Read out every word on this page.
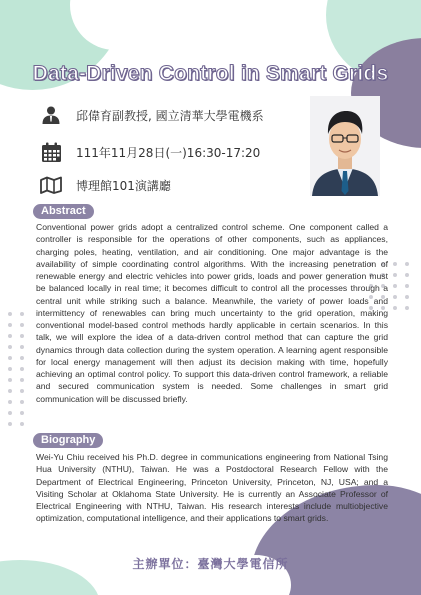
Data-Driven Control in Smart Grids
邱偉育副教授, 國立清華大學電機系
111年11月28日(一)16:30-17:20
博理館101演講廳
Abstract

Conventional power grids adopt a centralized control scheme. One component called a controller is responsible for the operations of other components, such as appliances, charging poles, heating, ventilation, and air conditioning. One major advantage is the availability of simple coordinating control algorithms. With the increasing penetration of renewable energy and electric vehicles into power grids, loads and power generation must be balanced locally in real time; it becomes difficult to control all the processes through a central unit while striking such a balance. Meanwhile, the variety of power loads and intermittency of renewables can bring much uncertainty to the grid operation, making conventional model-based control methods hardly applicable in certain scenarios. In this talk, we will explore the idea of a data-driven control method that can capture the grid dynamics through data collection during the system operation. A learning agent responsible for local energy management will then adjust its decision making with time, hopefully achieving an optimal control policy. To support this data-driven control framework, a reliable and secured communication system is needed. Some challenges in smart grid communication will be discussed briefly.

Biography

Wei-Yu Chiu received his Ph.D. degree in communications engineering from National Tsing Hua University (NTHU), Taiwan. He was a Postdoctoral Research Fellow with the Department of Electrical Engineering, Princeton University, Princeton, NJ, USA; and a Visiting Scholar at Oklahoma State University. He is currently an Associate Professor of Electrical Engineering with NTHU, Taiwan. His research interests include multiobjective optimization, computational intelligence, and their applications to smart grids.

主辦單位：臺灣大學電信所
